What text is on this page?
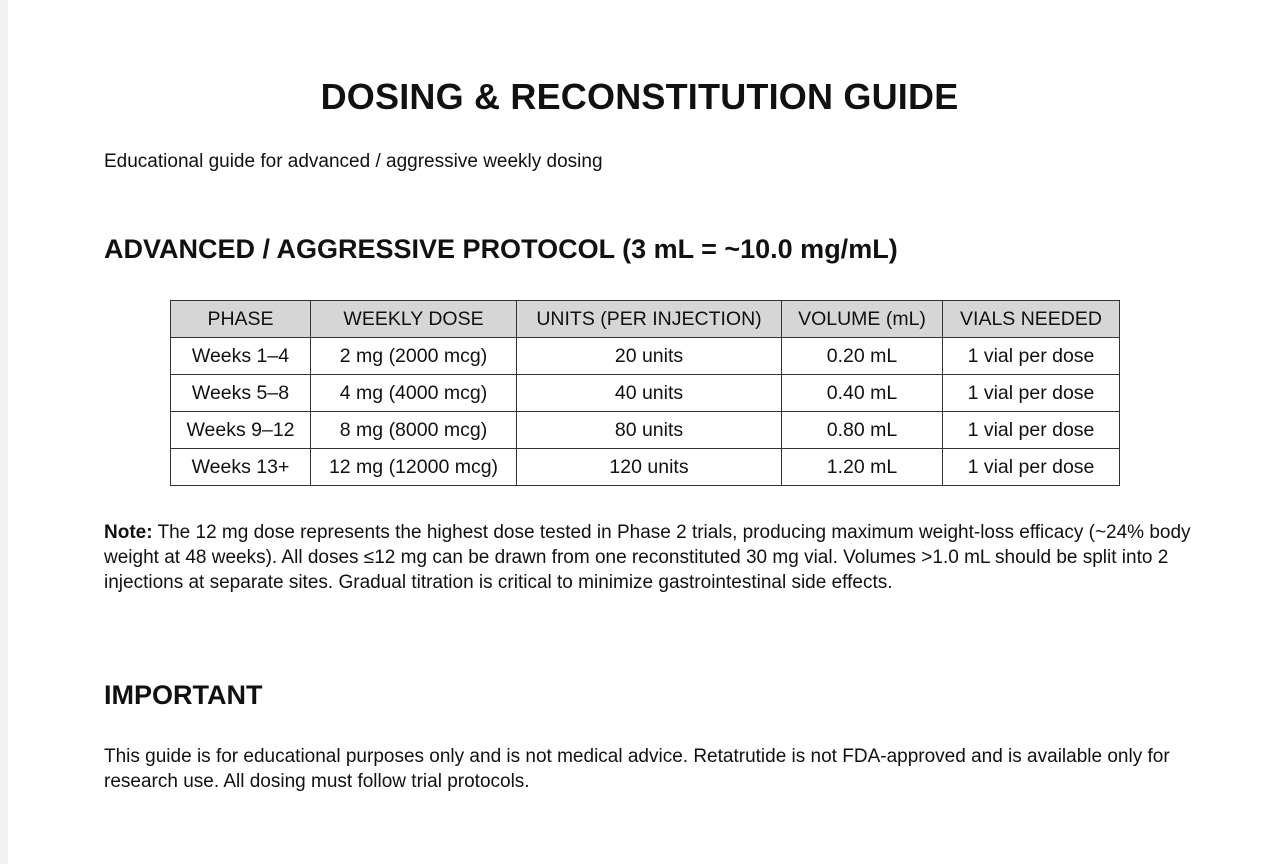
DOSING & RECONSTITUTION GUIDE

Educational guide for advanced / aggressive weekly dosing

ADVANCED / AGGRESSIVE PROTOCOL (3 mL = ~10.0 mg/mL)
PHASE	WEEKLY DOSE	UNITS (PER INJECTION)	VOLUME (mL)	VIALS NEEDED
Weeks 1–4	2 mg (2000 mcg)	20 units	0.20 mL	1 vial per dose
Weeks 5–8	4 mg (4000 mcg)	40 units	0.40 mL	1 vial per dose
Weeks 9–12	8 mg (8000 mcg)	80 units	0.80 mL	1 vial per dose
Weeks 13+	12 mg (12000 mcg)	120 units	1.20 mL	1 vial per dose

Note: The 12 mg dose represents the highest dose tested in Phase 2 trials, producing maximum weight-loss efficacy (~24% body weight at 48 weeks). All doses ≤12 mg can be drawn from one reconstituted 30 mg vial. Volumes >1.0 mL should be split into 2 injections at separate sites. Gradual titration is critical to minimize gastrointestinal side effects.

IMPORTANT

This guide is for educational purposes only and is not medical advice. Retatrutide is not FDA-approved and is available only for research use. All dosing must follow trial protocols.
